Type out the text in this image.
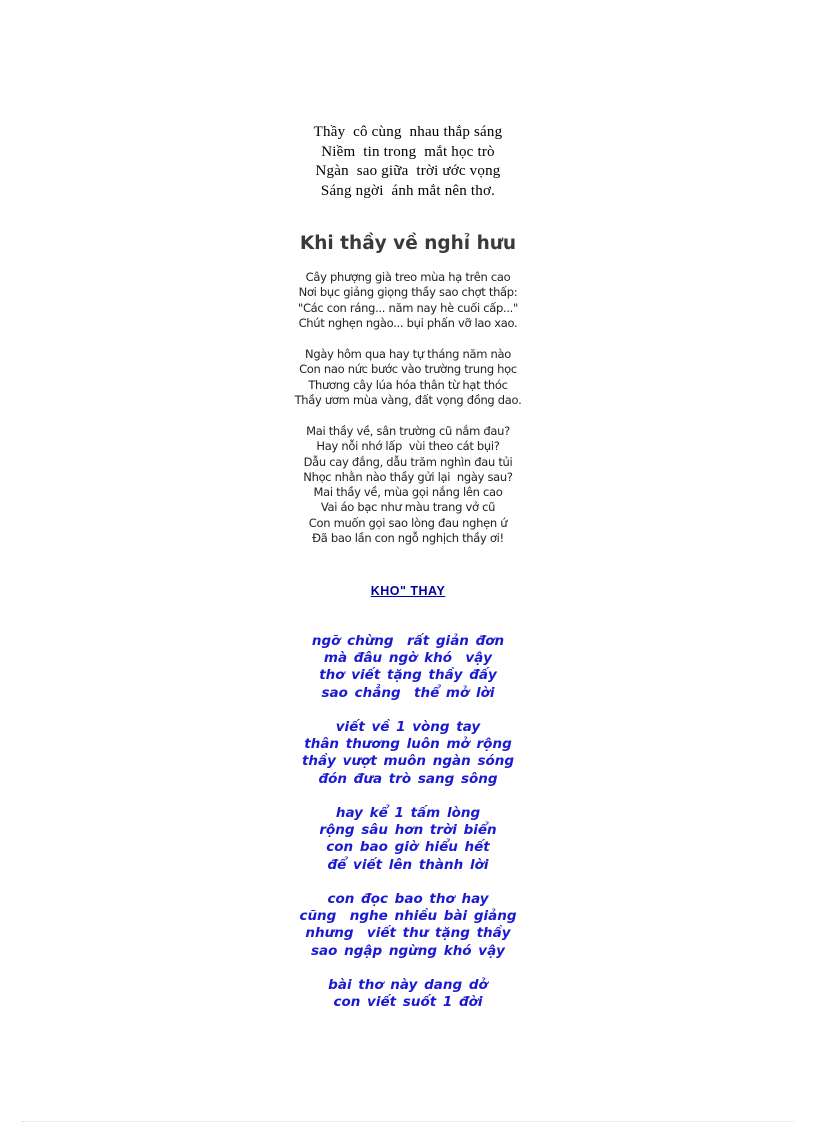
Thầy  cô cùng  nhau thắp sáng
Niềm  tin trong  mắt học trò
Ngàn  sao giữa  trời ước vọng
Sáng ngời  ánh mắt nên thơ.
Khi thầy về nghỉ hưu
Cây phượng già treo mùa hạ trên cao
Nơi bục giảng giọng thầy sao chợt thấp:
"Các con ráng... năm nay hè cuối cấp..."
Chút nghẹn ngào... bụi phấn vỡ lao xao.
Ngày hôm qua hay tự tháng năm nào
Con nao nức bước vào trường trung học
Thương cây lúa hóa thân từ hạt thóc
Thầy ươm mùa vàng, đất vọng đồng dao.
Mai thầy về, sân trường cũ nắm đau?
Hay nỗi nhớ lấp  vùi theo cát bụi?
Dẫu cay đắng, dẫu trăm nghìn đau tủi
Nhọc nhằn nào thầy gửi lại  ngày sau?
Mai thầy về, mùa gọi nắng lên cao
Vai áo bạc như màu trang vở cũ
Con muốn gọi sao lòng đau nghẹn ứ
Đã bao lần con ngỗ nghịch thầy ơi!
KHO" THAY
ngỡ chừng  rất giản đơn
mà đâu ngờ khó  vậy
thơ viết tặng thầy đấy
sao chẳng  thể mở lời
viết về 1 vòng tay
thân thương luôn mở rộng
thầy vượt muôn ngàn sóng
đón đưa trò sang sông
hay kể 1 tấm lòng
rộng sâu hơn trời biển
con bao giờ hiểu hết
để viết lên thành lời
con đọc bao thơ hay
cũng  nghe nhiều bài giảng
nhưng  viết thư tặng thầy
sao ngập ngừng khó vậy
bài thơ này dang dở
con viết suốt 1 đời
